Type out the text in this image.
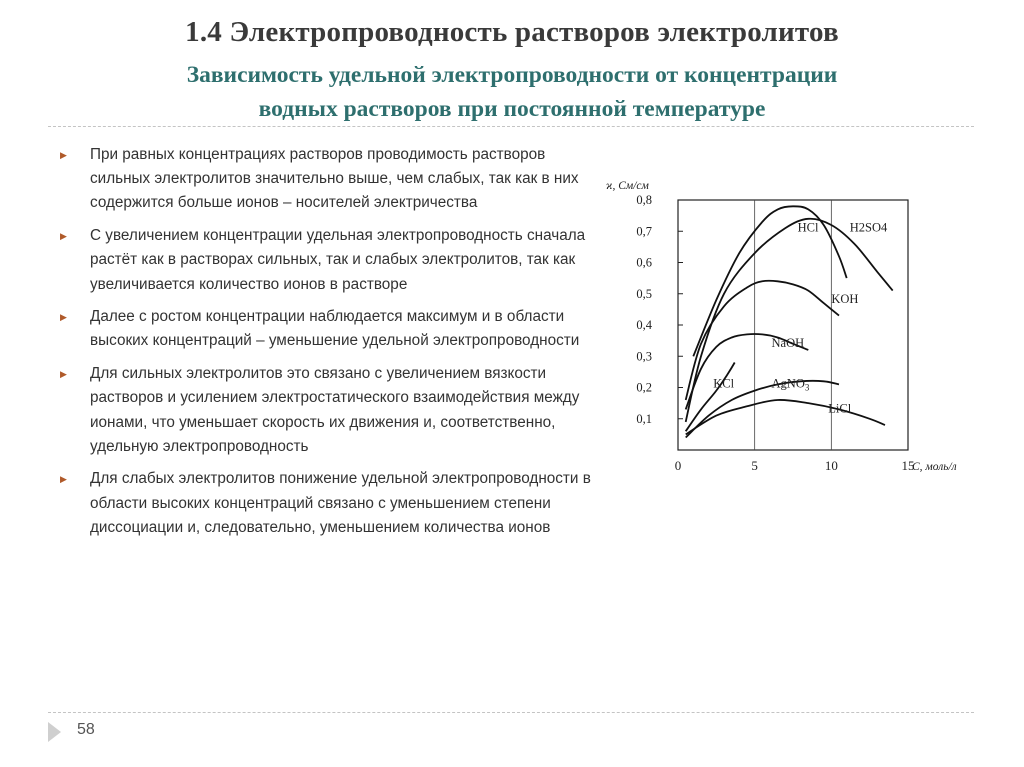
1.4 Электропроводность растворов электролитов
Зависимость удельной электропроводности от концентрации
водных растворов при постоянной температуре
▶ При равных концентрациях растворов проводимость растворов сильных электролитов значительно выше, чем слабых, так как в них содержится больше ионов – носителей электричества
▶ С увеличением концентрации удельная электропроводность сначала растёт как в растворах сильных, так и слабых электролитов, так как увеличивается количество ионов в растворе
▶ Далее с ростом концентрации наблюдается максимум и в области высоких концентраций – уменьшение удельной электропроводности
▶ Для сильных электролитов это связано с увеличением вязкости растворов и усилением электростатического взаимодействия между ионами, что уменьшает скорость их движения и, соответственно, удельную электропроводность
▶ Для слабых электролитов понижение удельной электропроводности в области высоких концентраций связано с уменьшением степени диссоциации и, следовательно, уменьшением количества ионов
0	5	10	15
0,1
0,2
0,3
0,4
0,5
0,6
0,7
0,8
ϰ, См/см
С, моль/л
HCl	H2SO4
KOH
NaOH
KCl	AgNO$_3$
LiCl
58
